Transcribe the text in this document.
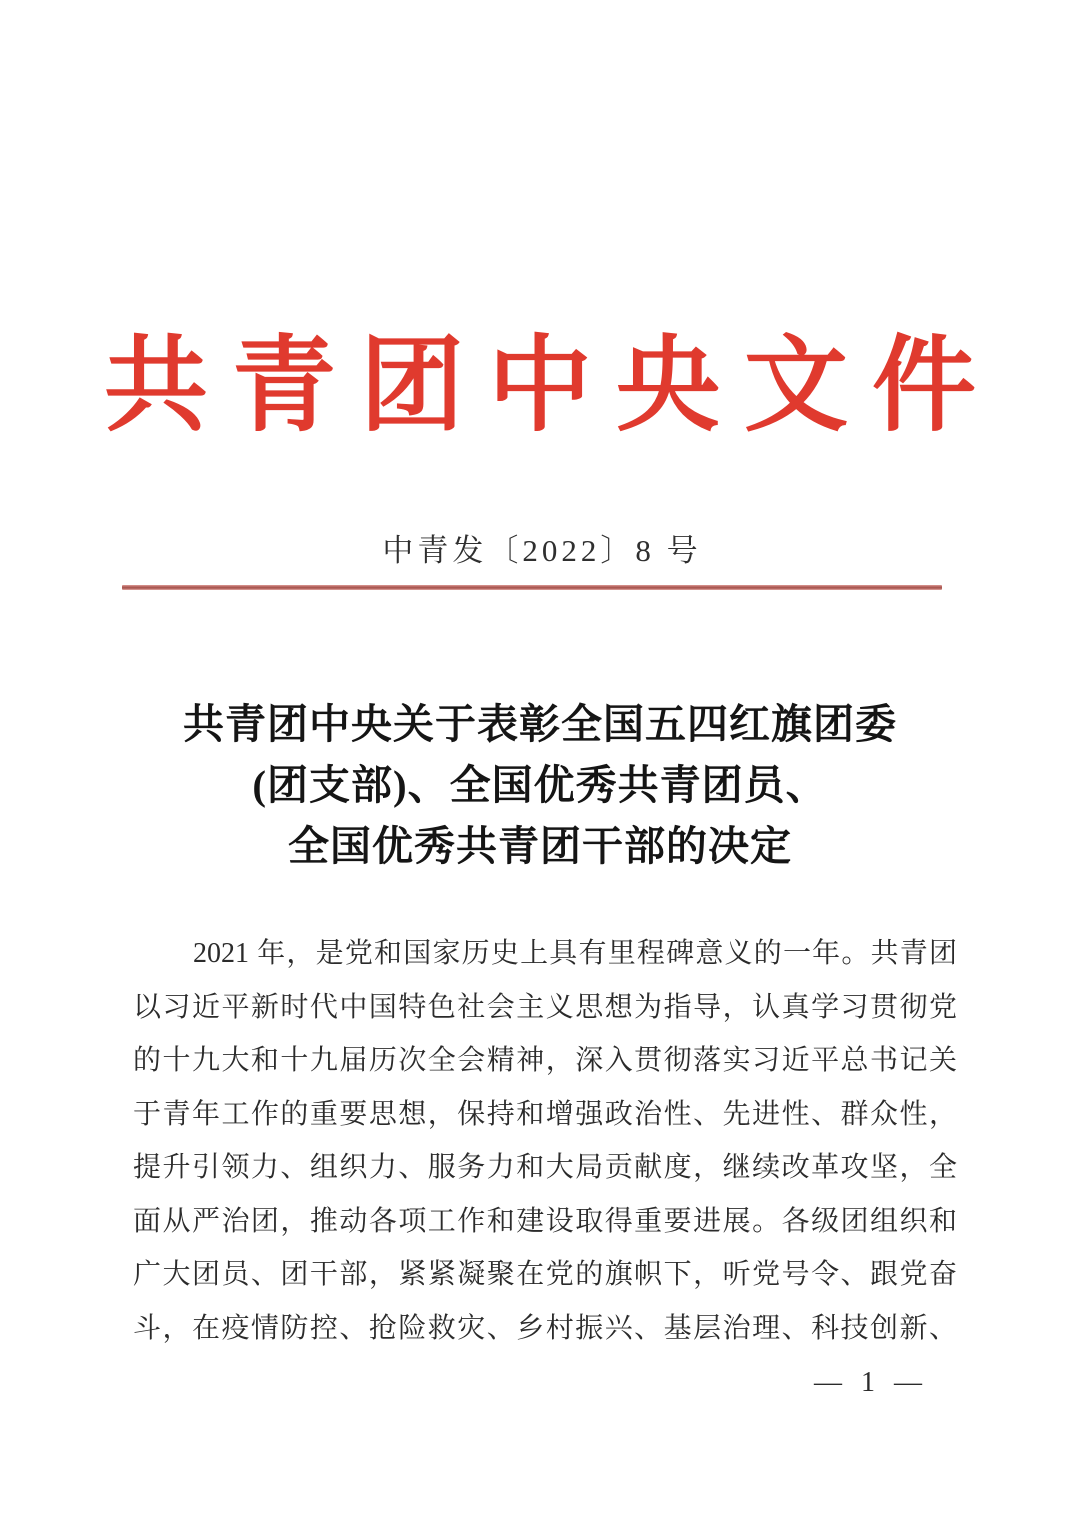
共青团中央文件
中青发〔2022〕8 号
共青团中央关于表彰全国五四红旗团委
(团支部)、全国优秀共青团员、
全国优秀共青团干部的决定
2021 年，是党和国家历史上具有里程碑意义的一年。共青团
以习近平新时代中国特色社会主义思想为指导，认真学习贯彻党
的十九大和十九届历次全会精神，深入贯彻落实习近平总书记关
于青年工作的重要思想，保持和增强政治性、先进性、群众性，
提升引领力、组织力、服务力和大局贡献度，继续改革攻坚，全
面从严治团，推动各项工作和建设取得重要进展。各级团组织和
广大团员、团干部，紧紧凝聚在党的旗帜下，听党号令、跟党奋
斗，在疫情防控、抢险救灾、乡村振兴、基层治理、科技创新、
— 1 —
